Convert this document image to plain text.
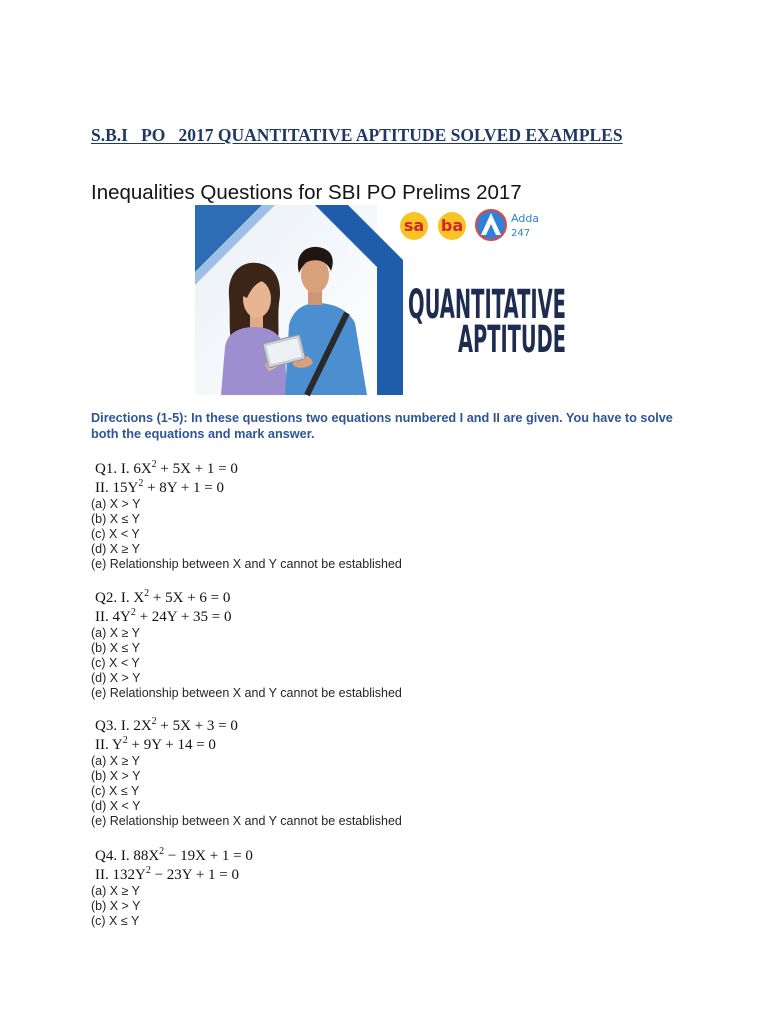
S.B.I   PO   2017 QUANTITATIVE APTITUDE SOLVED EXAMPLES
Inequalities Questions for SBI PO Prelims 2017
sa ba	Adda
247
QUANTITATIVE
APTITUDE
Directions (1-5): In these questions two equations numbered I and II are given. You have to solve
both the equations and mark answer.
Q1. I. $6X^2 + 5X + 1 = 0$
II. $15Y^2 + 8Y + 1 = 0$
(a) X > Y
(b) X ≤ Y
(c) X < Y
(d) X ≥ Y
(e) Relationship between X and Y cannot be established
Q2. I. $X^2 + 5X + 6 = 0$
II. $4Y^2 + 24Y + 35 = 0$
(a) X ≥ Y
(b) X ≤ Y
(c) X < Y
(d) X > Y
(e) Relationship between X and Y cannot be established
Q3. I. $2X^2 + 5X + 3 = 0$
II. $Y^2 + 9Y + 14 = 0$
(a) X ≥ Y
(b) X > Y
(c) X ≤ Y
(d) X < Y
(e) Relationship between X and Y cannot be established
Q4. I. $88X^2 - 19X + 1 = 0$
II. $132Y^2 - 23Y + 1 = 0$
(a) X ≥ Y
(b) X > Y
(c) X ≤ Y
